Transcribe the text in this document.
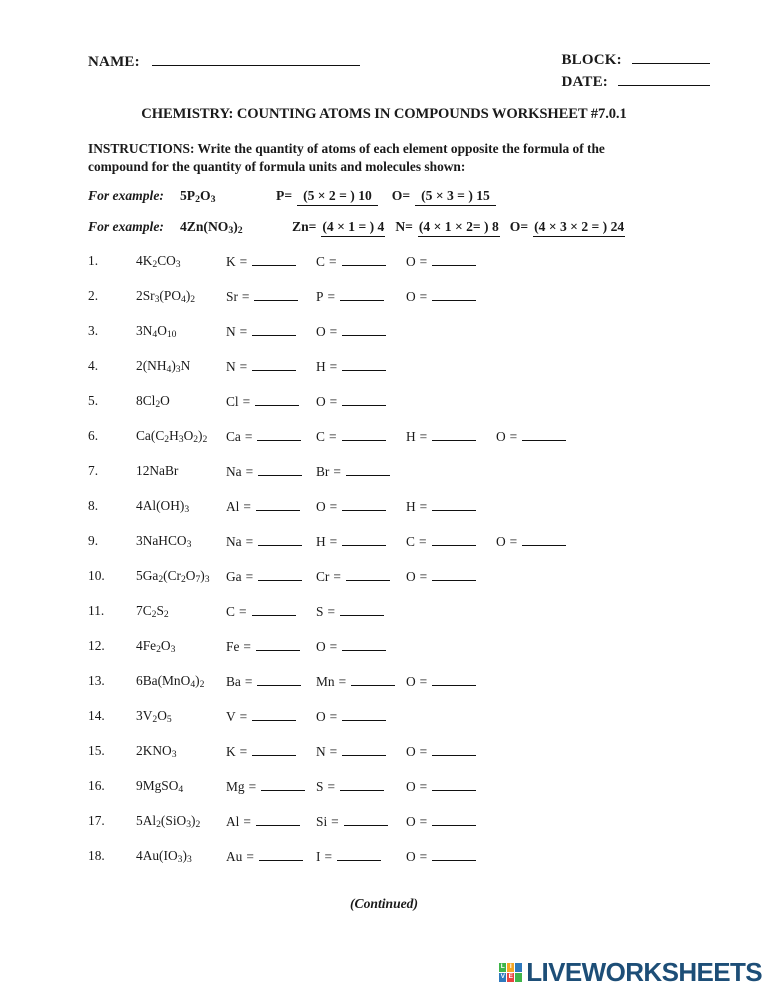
NAME:	BLOCK:
DATE:
CHEMISTRY: COUNTING ATOMS IN COMPOUNDS WORKSHEET #7.0.1
INSTRUCTIONS: Write the quantity of atoms of each element opposite the formula of the compound for the quantity of formula units and molecules shown:
For example:	$5P_2O_3$	P = (5 × 2 = ) 10	O = (5 × 3 = ) 15
For example:	$4Zn(NO_3)_2$	Zn = (4 × 1 = ) 4 N = (4 × 1 × 2= ) 8 O = (4 × 3 × 2 = ) 24
1.	$4K_2CO_3$	K =	C =	O =
2.	$2Sr_3(PO_4)_2$ Sr =	P =	O =
3.	$3N_4O_{10}$	N =	O =
4.	$2(NH_4)_3N$	N =	H =
5.	$8Cl_2O$	Cl =	O =
6.	$Ca(C_2H_3O_2)_2$ Ca =	C =	H =	O =
7.	12NaBr	Na =	Br =
8.	$4Al(OH)_3$	Al =	O =	H =
9.	3NaHCO$_3$	Na =	H =	C =	O =
10.	$5Ga_2(Cr_2O_7)_3$ Ga =	Cr =	O =
11.	$7C_2S_2$	C =	S =
12.	$4Fe_2O_3$	Fe =	O =
13.	$6Ba(MnO_4)_2$ Ba =	Mn =	O =
14.	$3V_2O_5$	V =	O =
15.	$2KNO_3$	K =	N =	O =
16.	9MgSO$_4$	Mg =	S =	O =
17.	$5Al_2(SiO_3)_2$ Al =	Si =	O =
18.	$4Au(IO_3)_3$	Au =	I =	O =
(Continued)
L I
V E LIVEWORKSHEETS
